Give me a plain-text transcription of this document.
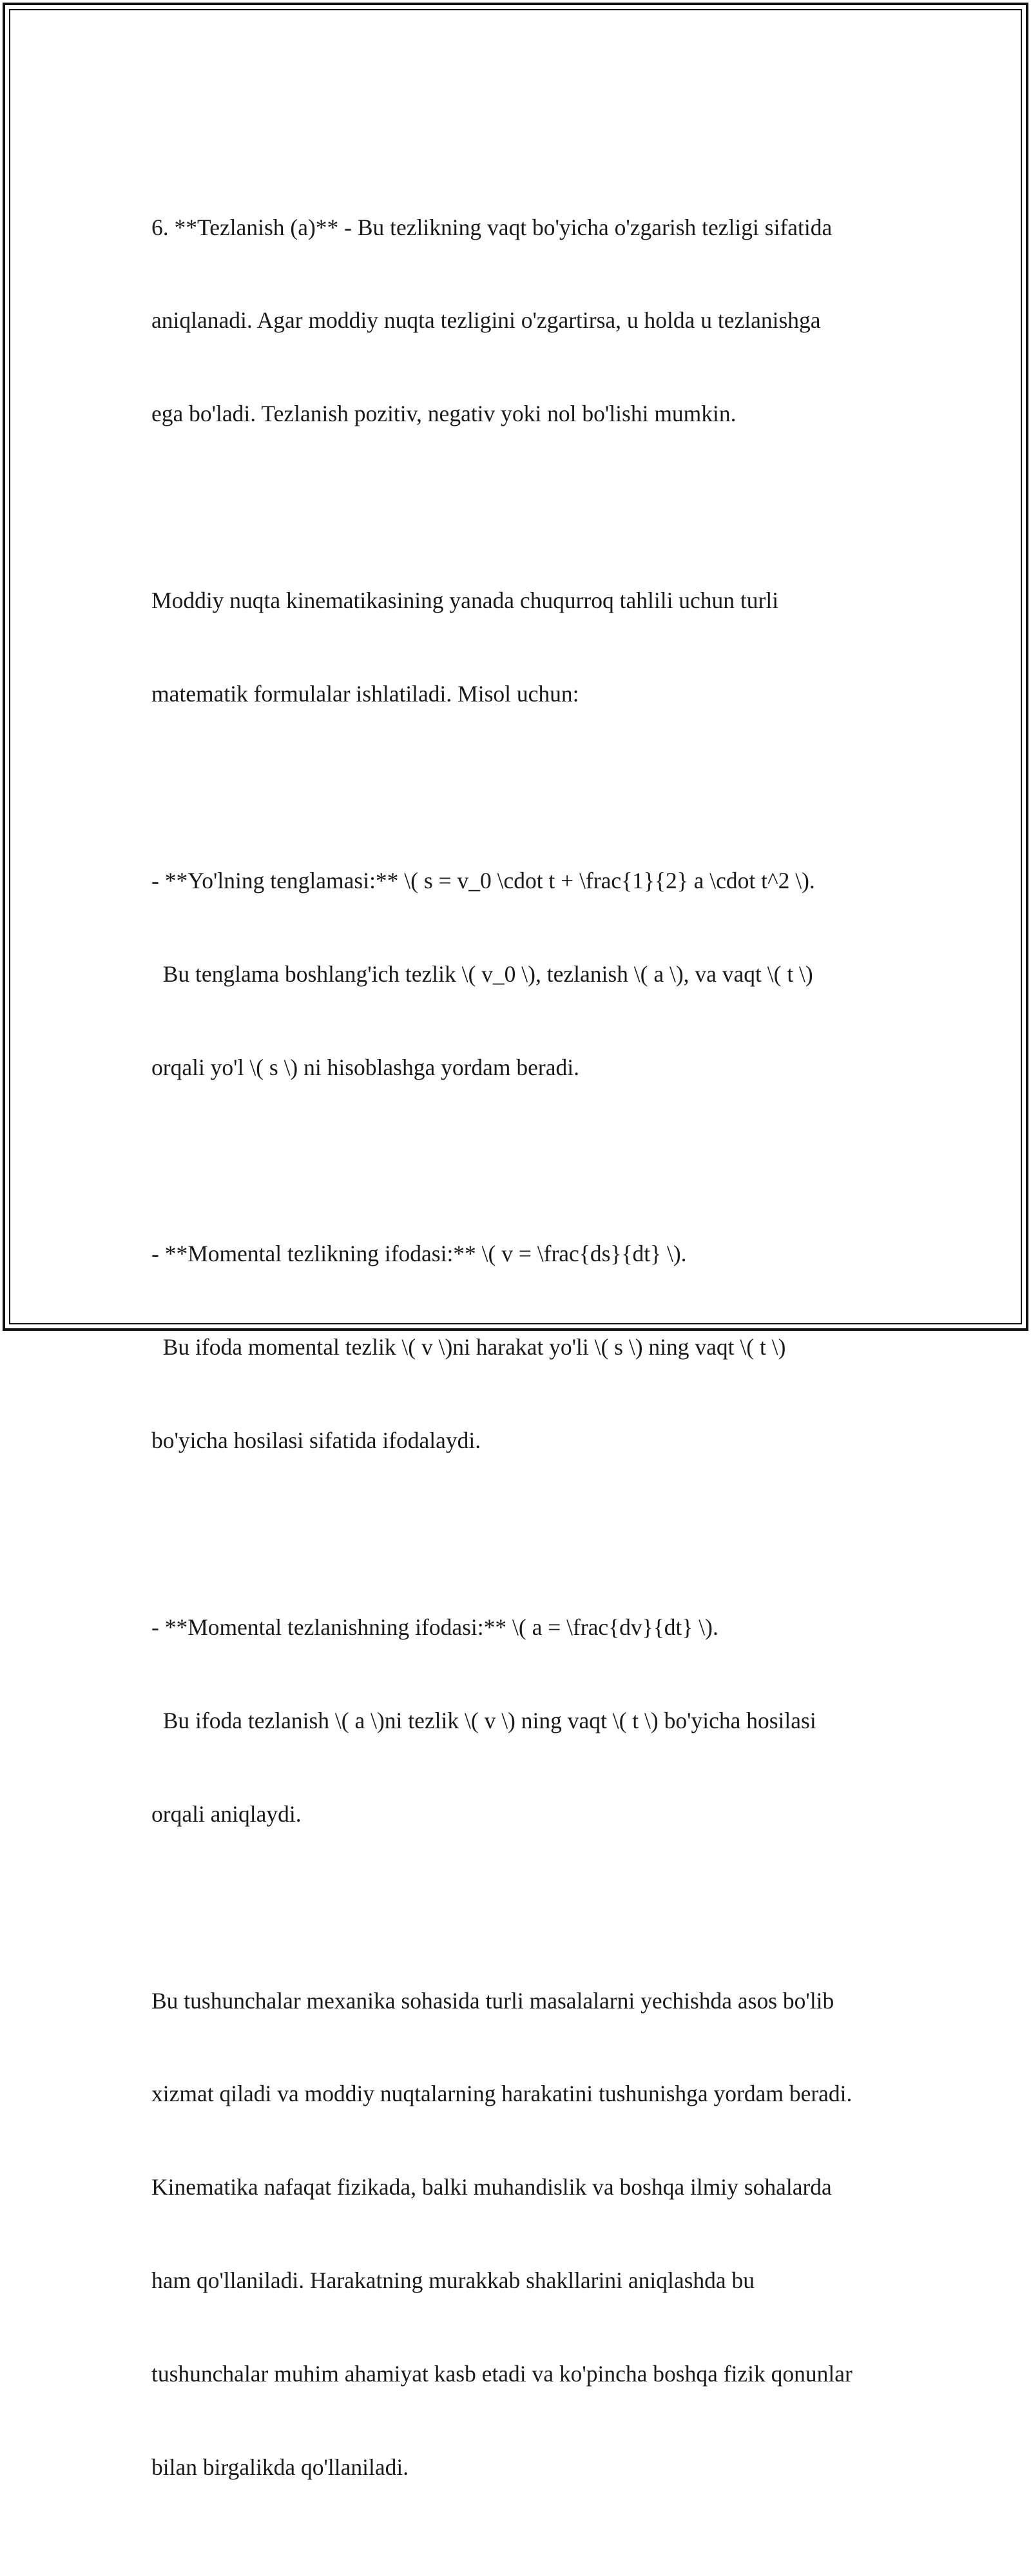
6. **Tezlanish (a)** - Bu tezlikning vaqt bo'yicha o'zgarish tezligi sifatida

aniqlanadi. Agar moddiy nuqta tezligini o'zgartirsa, u holda u tezlanishga

ega bo'ladi. Tezlanish pozitiv, negativ yoki nol bo'lishi mumkin.

Moddiy nuqta kinematikasining yanada chuqurroq tahlili uchun turli

matematik formulalar ishlatiladi. Misol uchun:

- **Yo'lning tenglamasi:** \( s = v_0 \cdot t + \frac{1}{2} a \cdot t^2 \).

Bu tenglama boshlang'ich tezlik \( v_0 \), tezlanish \( a \), va vaqt \( t \)

orqali yo'l \( s \) ni hisoblashga yordam beradi.

- **Momental tezlikning ifodasi:** \( v = \frac{ds}{dt} \).

Bu ifoda momental tezlik \( v \)ni harakat yo'li \( s \) ning vaqt \( t \)

bo'yicha hosilasi sifatida ifodalaydi.

- **Momental tezlanishning ifodasi:** \( a = \frac{dv}{dt} \).

Bu ifoda tezlanish \( a \)ni tezlik \( v \) ning vaqt \( t \) bo'yicha hosilasi

orqali aniqlaydi.

Bu tushunchalar mexanika sohasida turli masalalarni yechishda asos bo'lib

xizmat qiladi va moddiy nuqtalarning harakatini tushunishga yordam beradi.

Kinematika nafaqat fizikada, balki muhandislik va boshqa ilmiy sohalarda

ham qo'llaniladi. Harakatning murakkab shakllarini aniqlashda bu

tushunchalar muhim ahamiyat kasb etadi va ko'pincha boshqa fizik qonunlar

bilan birgalikda qo'llaniladi.
